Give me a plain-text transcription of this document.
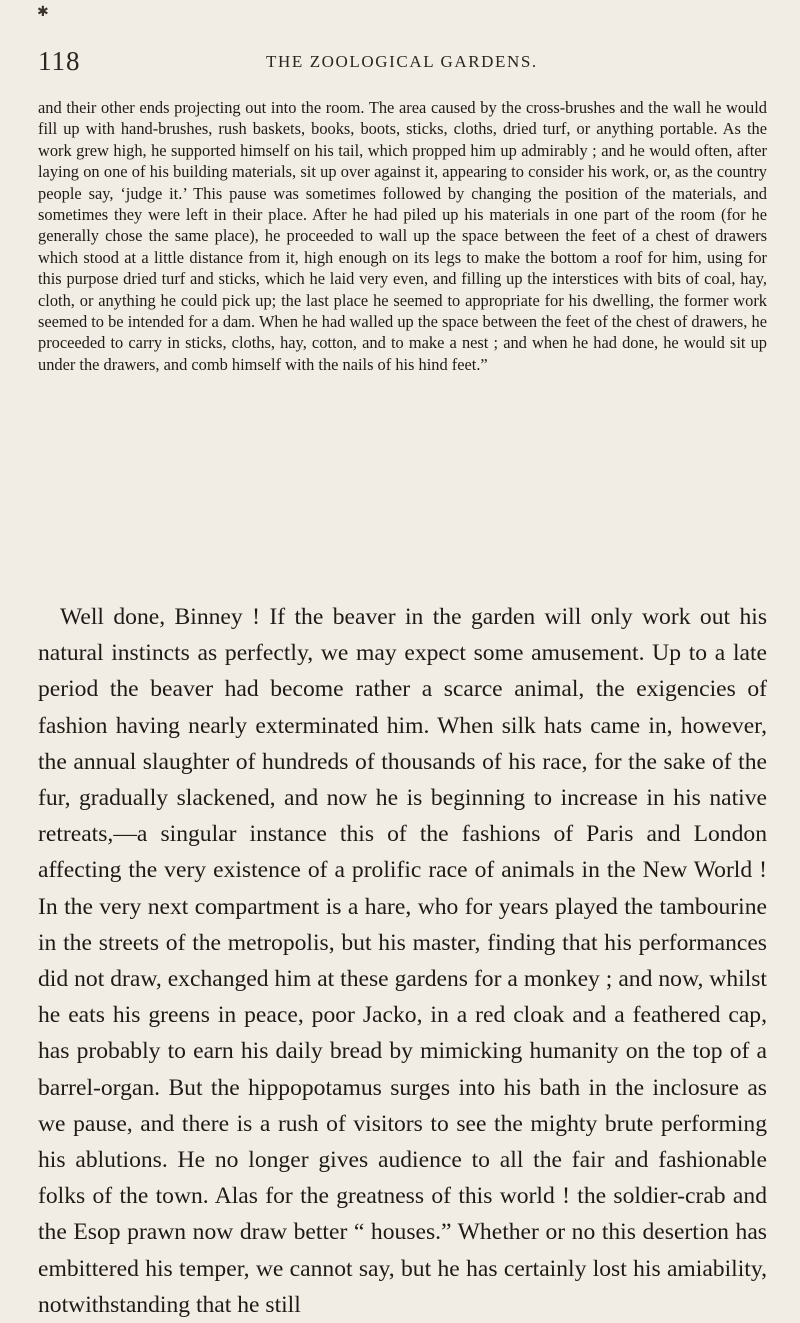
✱
118	THE ZOOLOGICAL GARDENS.

and their other ends projecting out into the room. The area caused by the cross-brushes and the wall he would fill up with hand-brushes, rush baskets, books, boots, sticks, cloths, dried turf, or anything portable. As the work grew high, he supported himself on his tail, which propped him up admirably ; and he would often, after laying on one of his building materials, sit up over against it, appearing to consider his work, or, as the country people say, ‘judge it.’ This pause was sometimes followed by changing the position of the materials, and sometimes they were left in their place. After he had piled up his materials in one part of the room (for he generally chose the same place), he proceeded to wall up the space between the feet of a chest of drawers which stood at a little distance from it, high enough on its legs to make the bottom a roof for him, using for this purpose dried turf and sticks, which he laid very even, and filling up the interstices with bits of coal, hay, cloth, or anything he could pick up; the last place he seemed to appropriate for his dwelling, the former work seemed to be intended for a dam. When he had walled up the space between the feet of the chest of drawers, he proceeded to carry in sticks, cloths, hay, cotton, and to make a nest ; and when he had done, he would sit up under the drawers, and comb himself with the nails of his hind feet.”

Well done, Binney ! If the beaver in the garden will only work out his natural instincts as perfectly, we may expect some amusement. Up to a late period the beaver had become rather a scarce animal, the exigencies of fashion having nearly exterminated him. When silk hats came in, however, the annual slaughter of hundreds of thousands of his race, for the sake of the fur, gradually slackened, and now he is beginning to increase in his native retreats,—a singular instance this of the fashions of Paris and London affecting the very existence of a prolific race of animals in the New World ! In the very next compartment is a hare, who for years played the tambourine in the streets of the metropolis, but his master, finding that his performances did not draw, exchanged him at these gardens for a monkey ; and now, whilst he eats his greens in peace, poor Jacko, in a red cloak and a feathered cap, has probably to earn his daily bread by mimicking humanity on the top of a barrel-organ. But the hippopotamus surges into his bath in the inclosure as we pause, and there is a rush of visitors to see the mighty brute performing his ablutions. He no longer gives audience to all the fair and fashionable folks of the town. Alas for the greatness of this world ! the soldier-crab and the Esop prawn now draw better “ houses.” Whether or no this desertion has embittered his temper, we cannot say, but he has certainly lost his amiability, notwithstanding that he still
